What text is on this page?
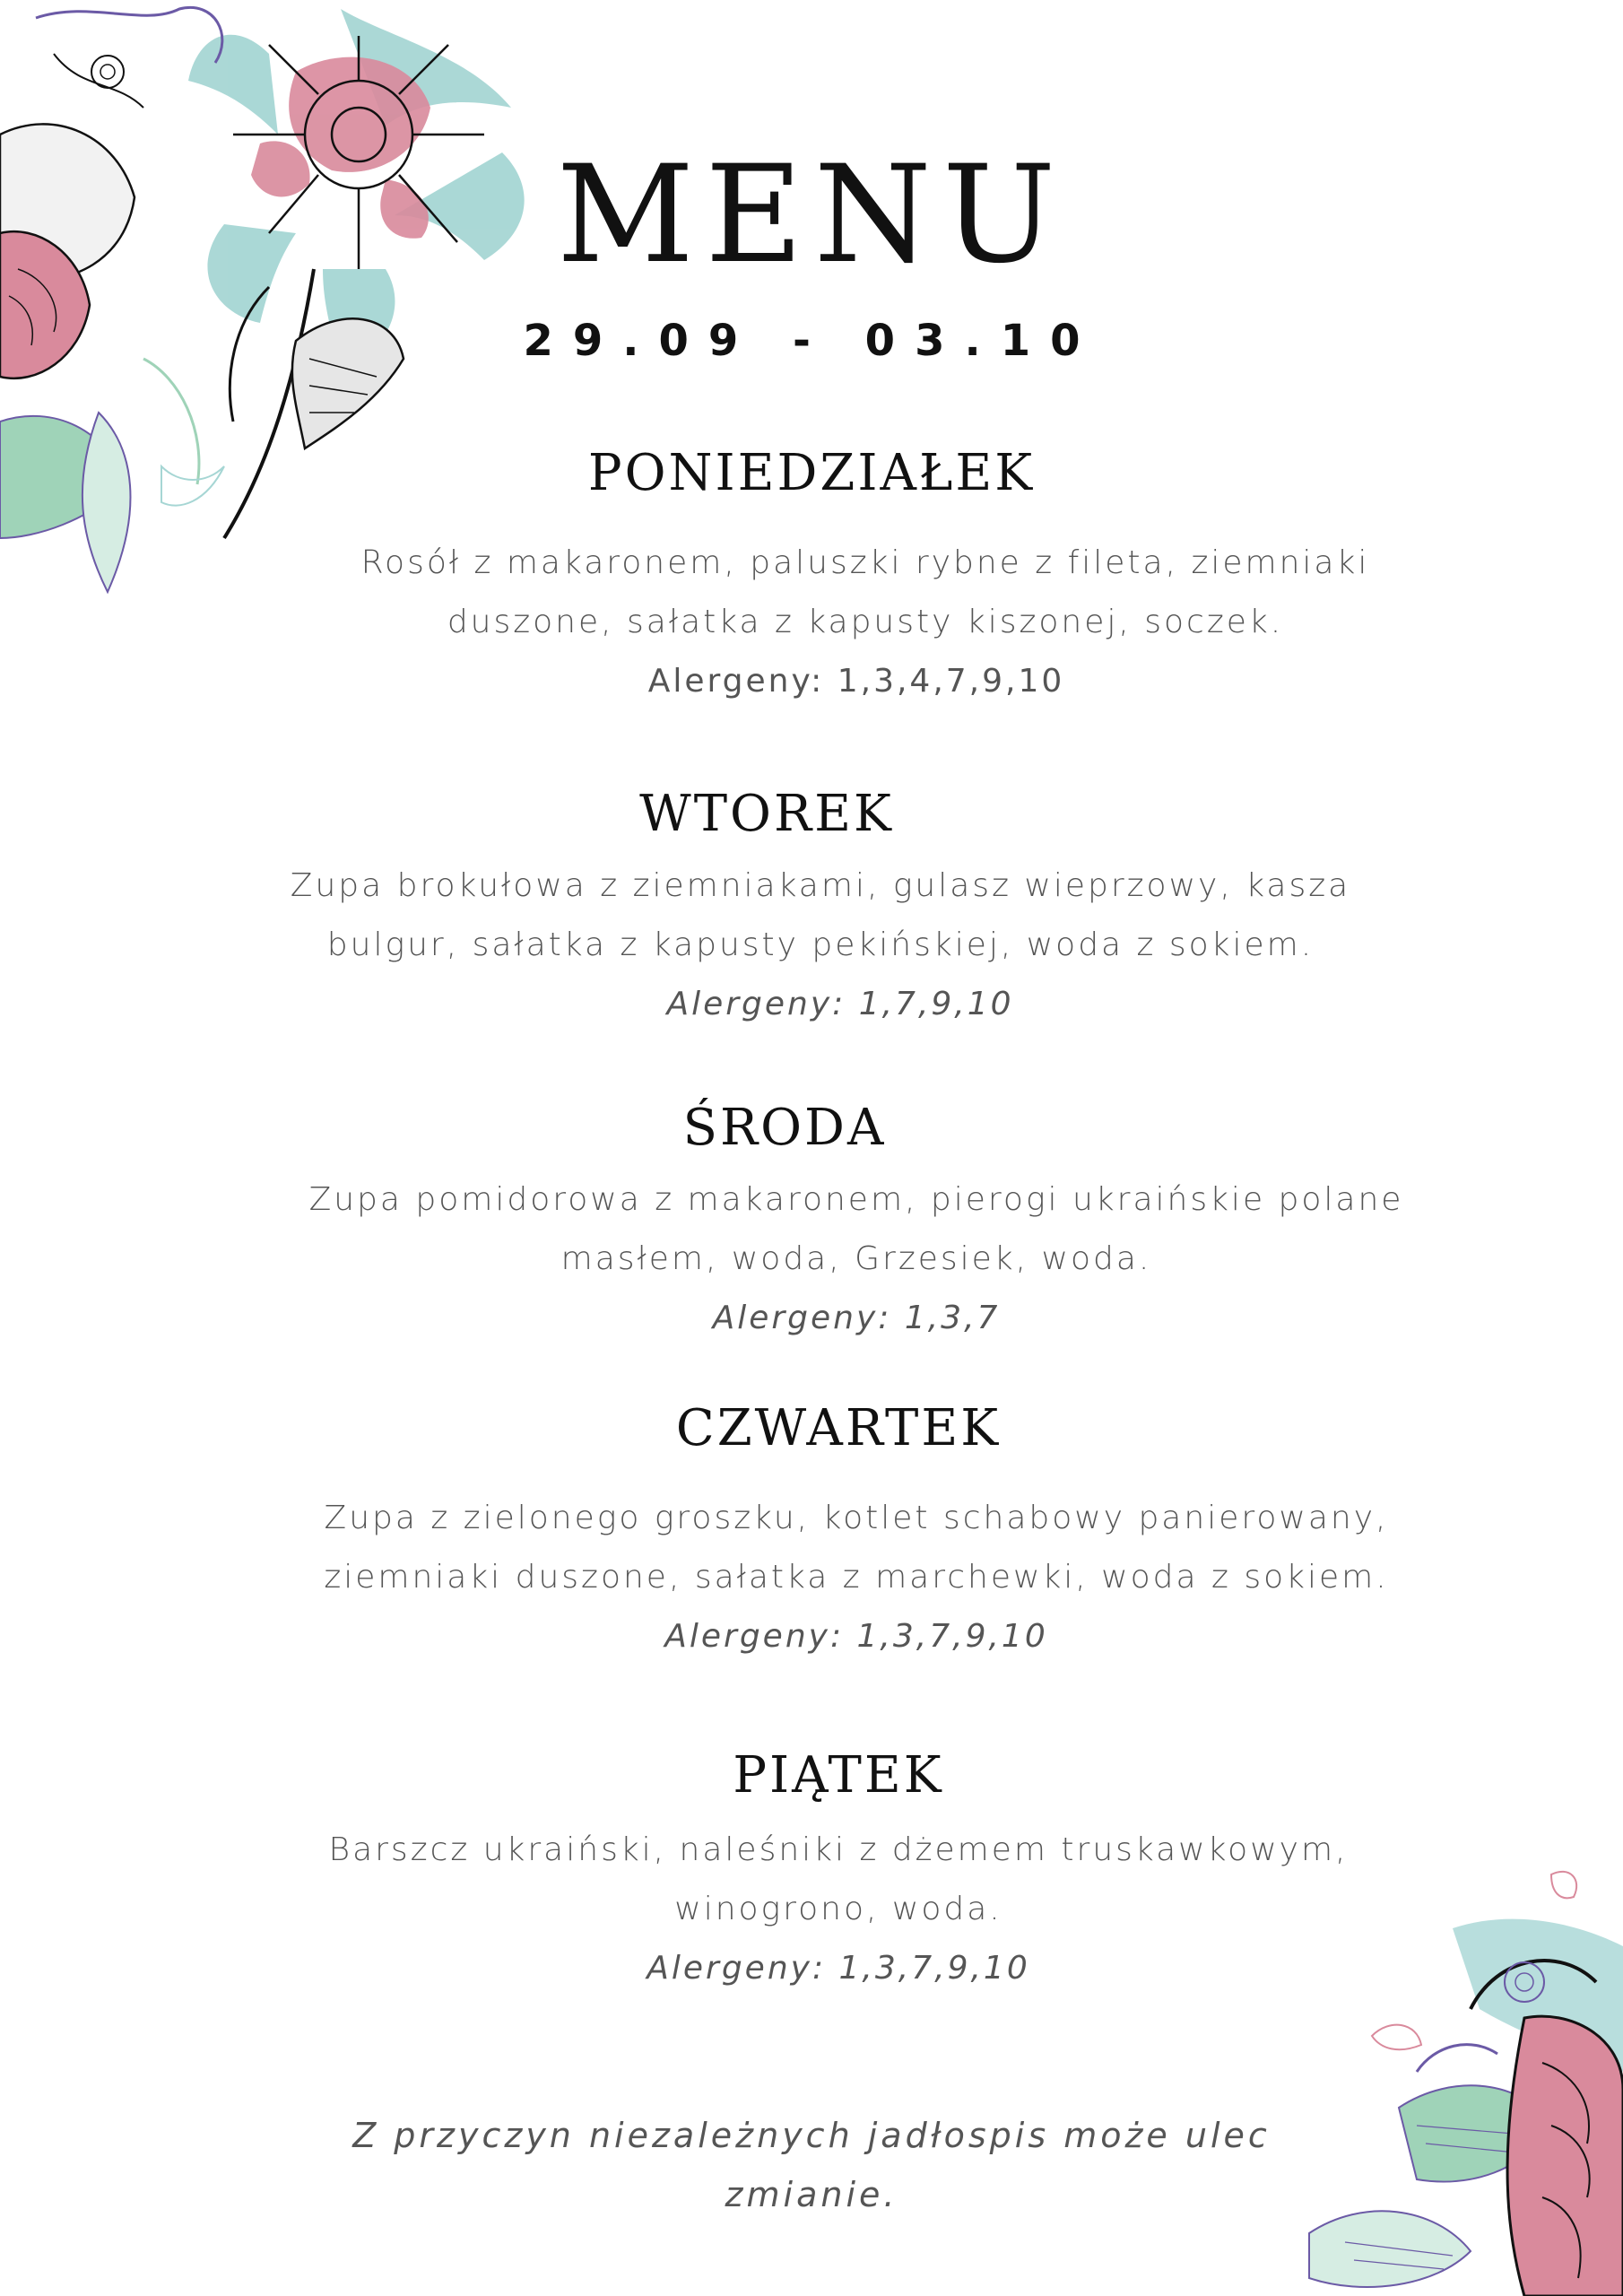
MENU
29.09 - 03.10
PONIEDZIAŁEK
Rosół z makaronem, paluszki rybne z fileta, ziemniaki
duszone, sałatka z kapusty kiszonej, soczek.
Alergeny: 1,3,4,7,9,10
WTOREK
Zupa brokułowa z ziemniakami, gulasz wieprzowy, kasza
bulgur, sałatka z kapusty pekińskiej, woda z sokiem.
Alergeny: 1,7,9,10
ŚRODA
Zupa pomidorowa z makaronem, pierogi ukraińskie polane
masłem, woda, Grzesiek, woda.
Alergeny: 1,3,7
CZWARTEK
Zupa z zielonego groszku, kotlet schabowy panierowany,
ziemniaki duszone, sałatka z marchewki, woda z sokiem.
Alergeny: 1,3,7,9,10
PIĄTEK
Barszcz ukraiński, naleśniki z dżemem truskawkowym,
winogrono, woda.
Alergeny: 1,3,7,9,10
Z przyczyn niezależnych jadłospis może ulec zmianie.
